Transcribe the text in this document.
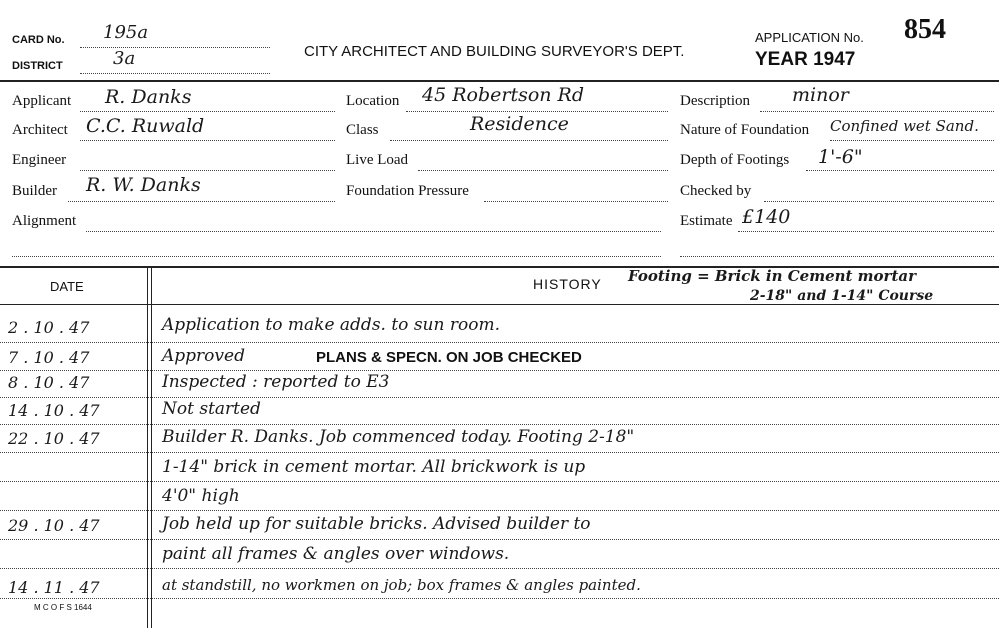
CARD No. 195a
DISTRICT	3a	CITY ARCHITECT AND BUILDING SURVEYOR'S DEPT.
APPLICATION No. 854
YEAR 1947
Applicant R. Danks
Architect C.C. Ruwald
Engineer
Builder R. W. Danks
Alignment
Location 45 Robertson Rd
Class	Residence
Live Load
Foundation Pressure
Description minor
Nature of Foundation Confined wet Sand.
Depth of Footings 1'-6"
Checked by
Estimate £140
DATE	HISTORY Footing = Brick in Cement mortar
2-18" and 1-14" Course
2 . 10 . 47	Application to make adds. to sun room.
7 . 10 . 47	Approved	PLANS & SPECN. ON JOB CHECKED
8 . 10 . 47	Inspected : reported to E3
14 . 10 . 47	Not started
22 . 10 . 47	Builder R. Danks. Job commenced today. Footing 2-18"
1-14" brick in cement mortar. All brickwork is up
4'0" high
29 . 10 . 47	Job held up for suitable bricks. Advised builder to
paint all frames & angles over windows.
14 . 11 . 47	at standstill, no workmen on job; box frames & angles painted.
M C O F S 1644
